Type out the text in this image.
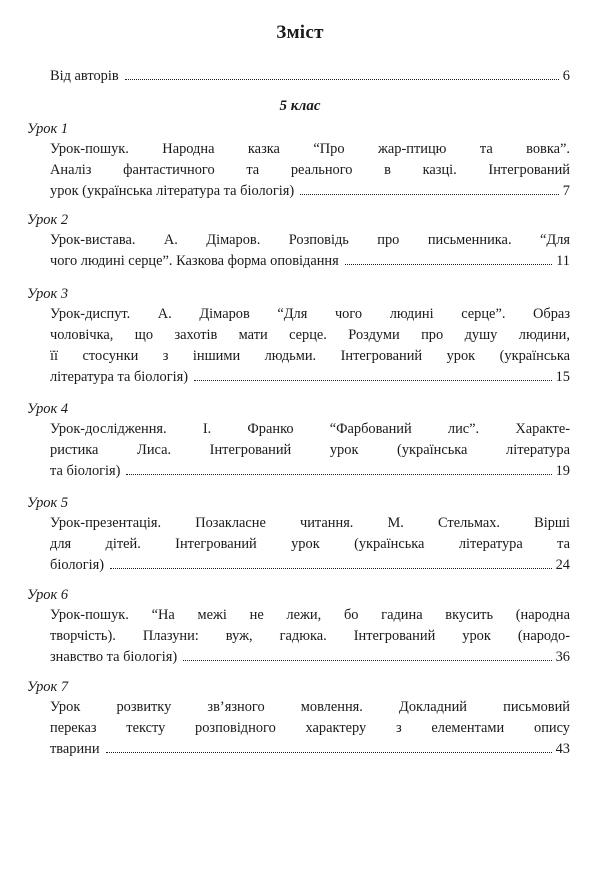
Зміст
Від авторів	6
5 клас
Урок 1
Урок-пошук. Народна казка “Про жар-птицю та вовка”.
Аналіз фантастичного та реального в казці. Інтегрований
урок (українська література та біологія)	7
Урок 2
Урок-вистава. А. Дімаров. Розповідь про письменника. “Для
чого людині серце”. Казкова форма оповідання	11
Урок 3
Урок-диспут. А. Дімаров “Для чого людині серце”. Образ
чоловічка, що захотів мати серце. Роздуми про душу людини,
її стосунки з іншими людьми. Інтегрований урок (українська
література та біологія)	15
Урок 4
Урок-дослідження. І. Франко “Фарбований лис”. Характе-
ристика Лиса. Інтегрований урок (українська література
та біологія)	19
Урок 5
Урок-презентація. Позакласне читання. М. Стельмах. Вірші
для дітей. Інтегрований урок (українська література та
біологія)	24
Урок 6
Урок-пошук. “На межі не лежи, бо гадина вкусить (народна
творчість). Плазуни: вуж, гадюка. Інтегрований урок (народо-
знавство та біологія)	36
Урок 7
Урок розвитку зв’язного мовлення. Докладний письмовий
переказ тексту розповідного характеру з елементами опису
тварини	43
